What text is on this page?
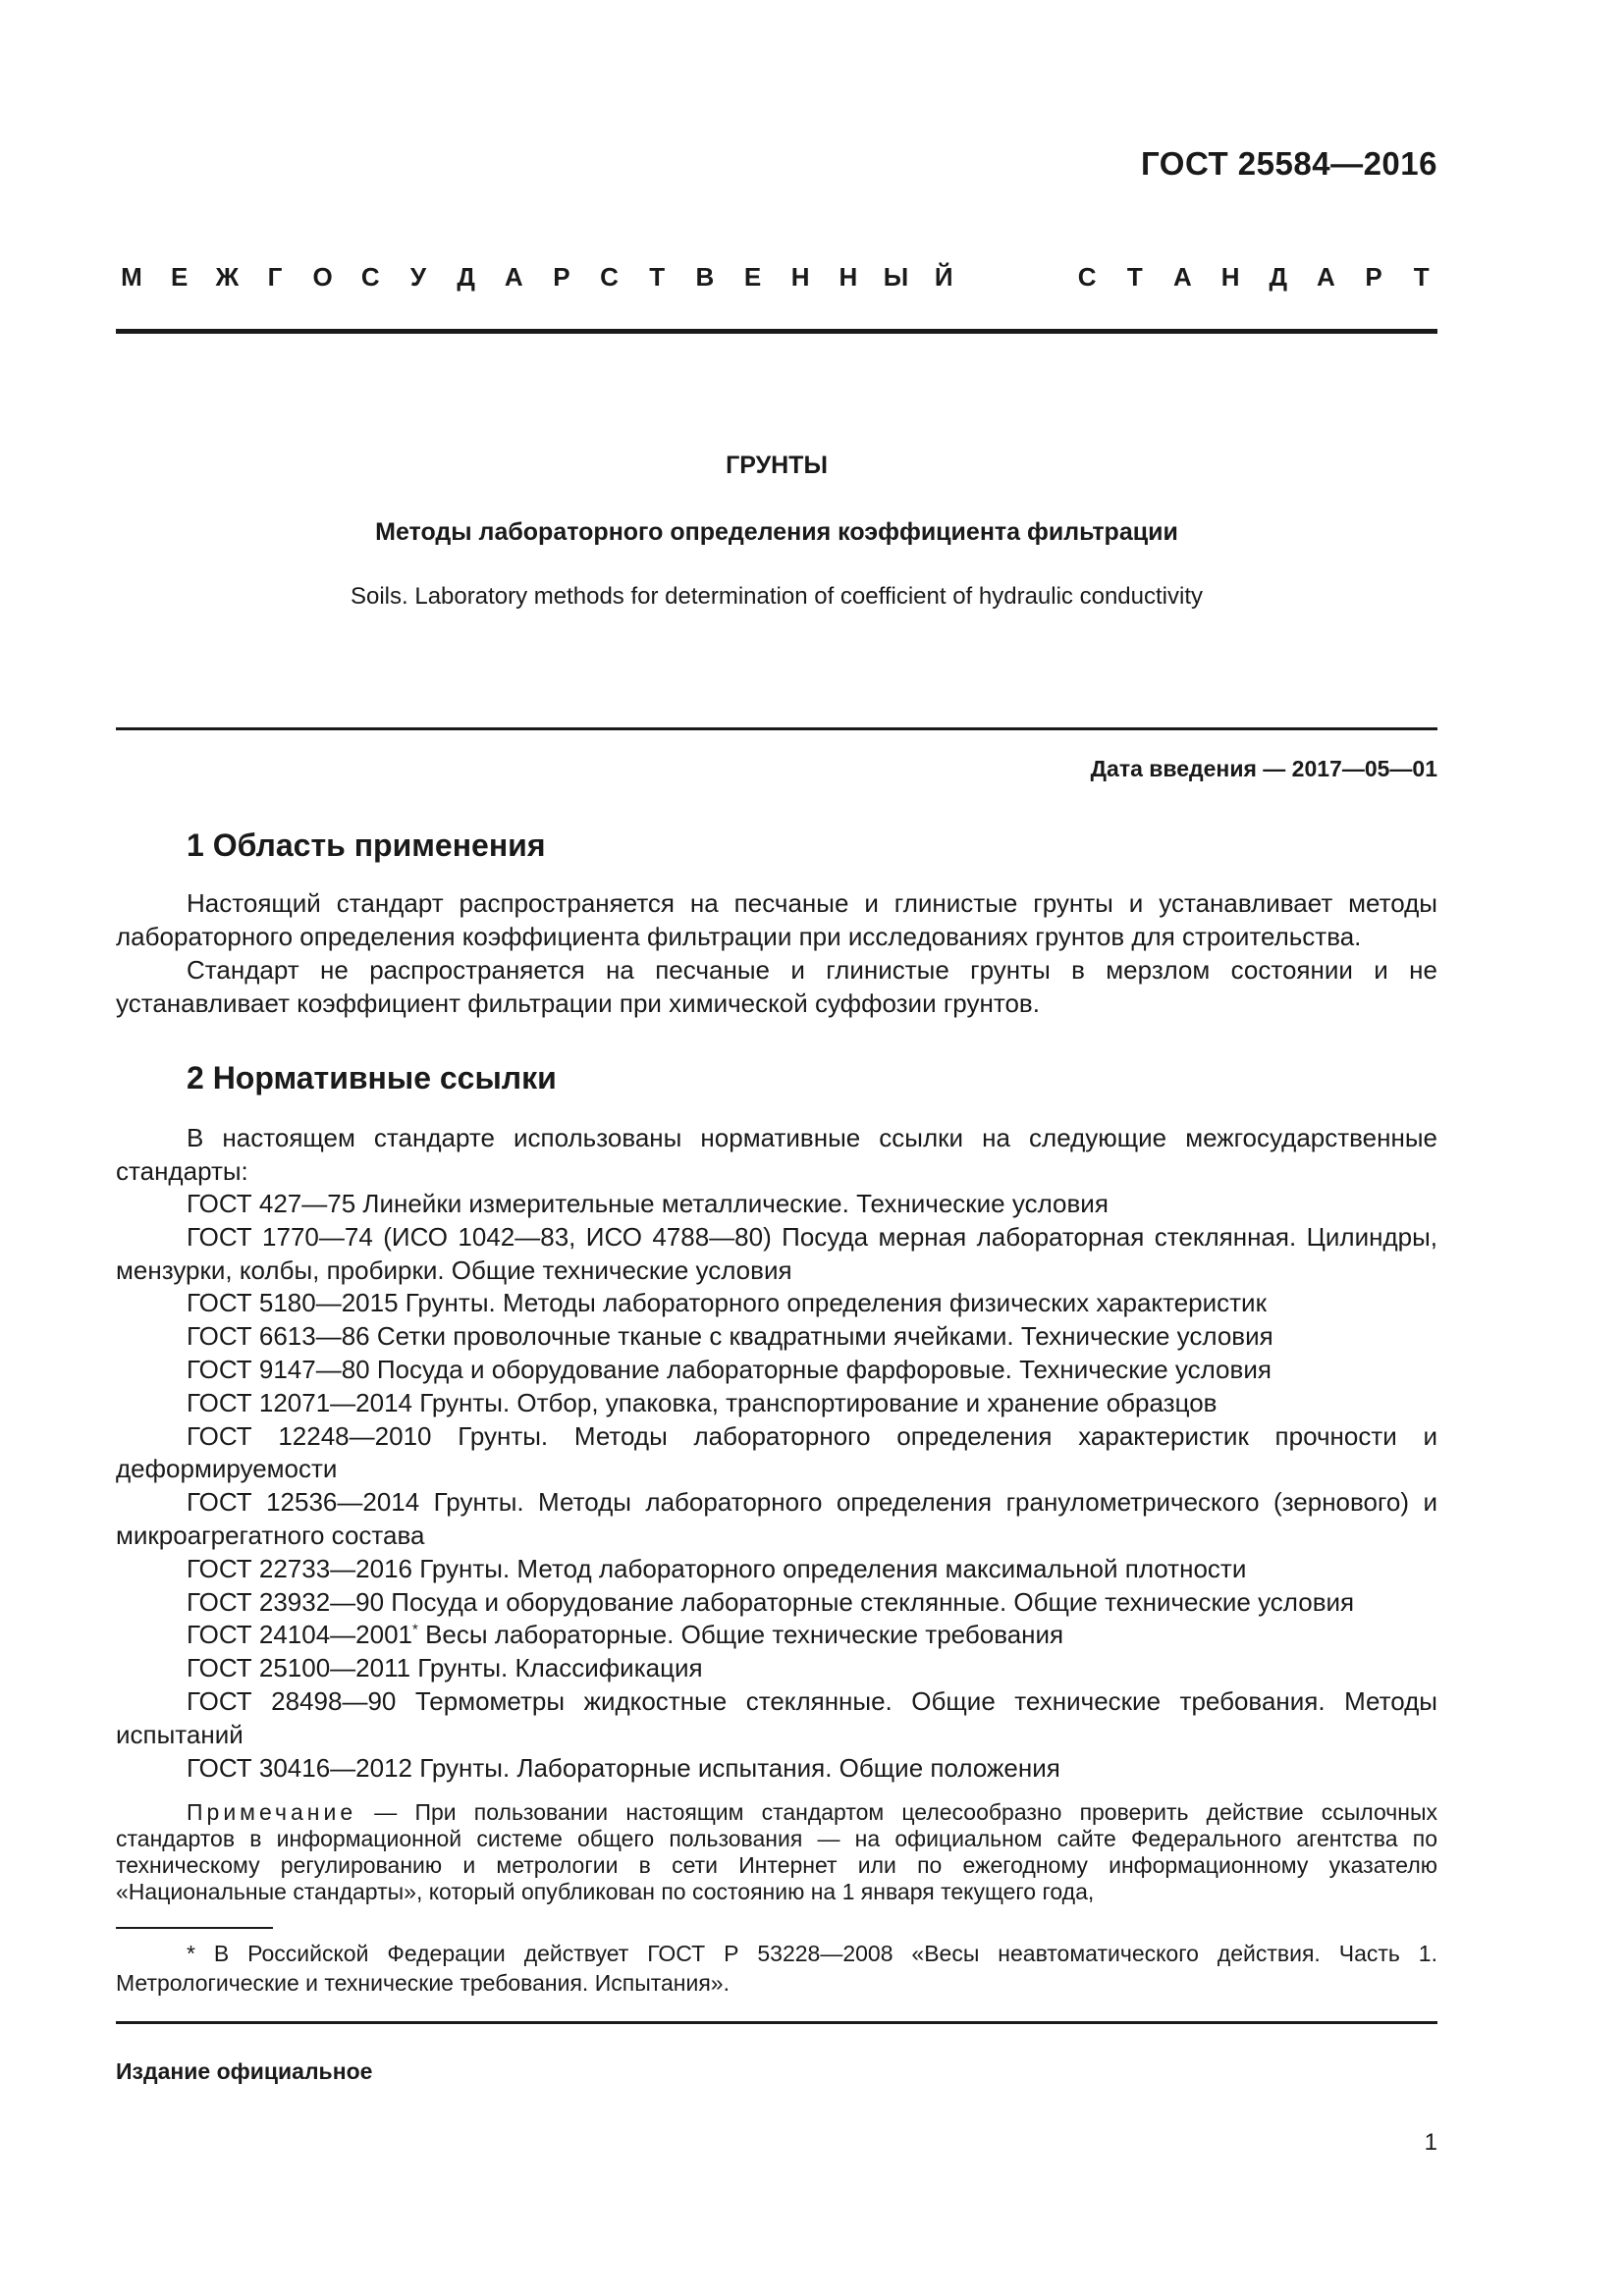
ГОСТ 25584—2016
М Е Ж	Г	О С	У	Д А Р С	Т	В Е Н Н Ы Й	С	Т	А Н Д А Р	Т
ГРУНТЫ
Методы лабораторного определения коэффициента фильтрации
Soils. Laboratory methods for determination of coefficient of hydraulic conductivity
Дата введения — 2017—05—01
1 Область применения

Настоящий стандарт распространяется на песчаные и глинистые грунты и устанавливает методы лабораторного определения коэффициента фильтрации при исследованиях грунтов для строительства.

Стандарт не распространяется на песчаные и глинистые грунты в мерзлом состоянии и не устанавливает коэффициент фильтрации при химической суффозии грунтов.

2 Нормативные ссылки

В настоящем стандарте использованы нормативные ссылки на следующие межгосударственные стандарты:

ГОСТ 427—75 Линейки измерительные металлические. Технические условия
ГОСТ 1770—74 (ИСО 1042—83, ИСО 4788—80) Посуда мерная лабораторная стеклянная. Цилиндры, мензурки, колбы, пробирки. Общие технические условия
ГОСТ 5180—2015 Грунты. Методы лабораторного определения физических характеристик
ГОСТ 6613—86 Сетки проволочные тканые с квадратными ячейками. Технические условия
ГОСТ 9147—80 Посуда и оборудование лабораторные фарфоровые. Технические условия
ГОСТ 12071—2014 Грунты. Отбор, упаковка, транспортирование и хранение образцов
ГОСТ 12248—2010 Грунты. Методы лабораторного определения характеристик прочности и деформируемости
ГОСТ 12536—2014 Грунты. Методы лабораторного определения гранулометрического (зернового) и микроагрегатного состава
ГОСТ 22733—2016 Грунты. Метод лабораторного определения максимальной плотности
ГОСТ 23932—90 Посуда и оборудование лабораторные стеклянные. Общие технические условия
ГОСТ 24104—2001* Весы лабораторные. Общие технические требования
ГОСТ 25100—2011 Грунты. Классификация
ГОСТ 28498—90 Термометры жидкостные стеклянные. Общие технические требования. Методы испытаний
ГОСТ 30416—2012 Грунты. Лабораторные испытания. Общие положения

Примечание — При пользовании настоящим стандартом целесообразно проверить действие ссылочных стандартов в информационной системе общего пользования — на официальном сайте Федерального агентства по техническому регулированию и метрологии в сети Интернет или по ежегодному информационному указателю «Национальные стандарты», который опубликован по состоянию на 1 января текущего года,

* В Российской Федерации действует ГОСТ Р 53228—2008 «Весы неавтоматического действия. Часть 1. Метрологические и технические требования. Испытания».

Издание официальное
1
